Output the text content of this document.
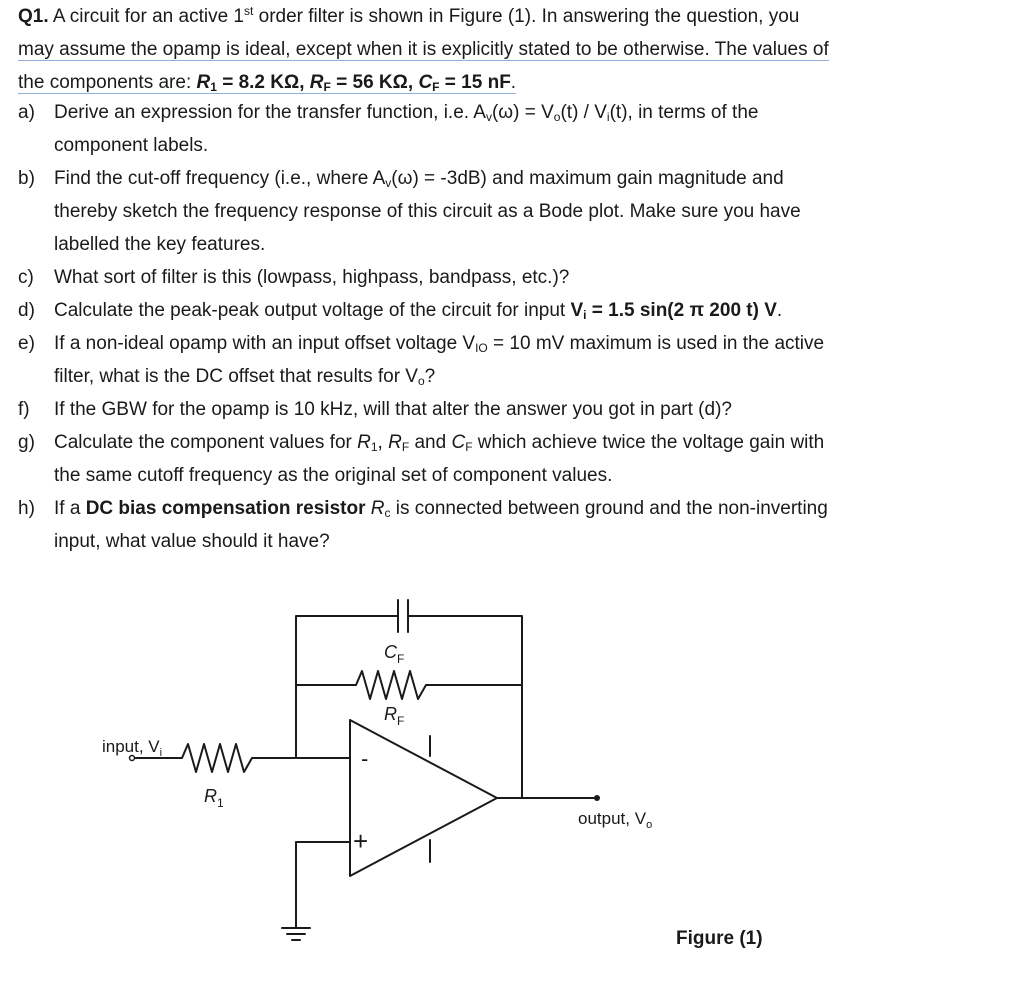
Q1. A circuit for an active 1st order filter is shown in Figure (1). In answering the question, you
may assume the opamp is ideal, except when it is explicitly stated to be otherwise. The values of
the components are: $R_1 = 8.2$ KΩ, $R_F = 56$ KΩ, $C_F = 15$ nF.
a) Derive an expression for the transfer function, i.e. $A_v(\omega) = V_o(t) / V_i(t)$, in terms of the
component labels.
b) Find the cut-off frequency (i.e., where $A_v(\omega) = -3dB$) and maximum gain magnitude and
thereby sketch the frequency response of this circuit as a Bode plot. Make sure you have
labelled the key features.
c) What sort of filter is this (lowpass, highpass, bandpass, etc.)?
d) Calculate the peak-peak output voltage of the circuit for input $V_i = 1.5$ sin(2 π 200 t) V.
e) If a non-ideal opamp with an input offset voltage $V_{IO} = 10$ mV maximum is used in the active
filter, what is the DC offset that results for $V_o$?
f) If the GBW for the opamp is 10 kHz, will that alter the answer you got in part (d)?
g) Calculate the component values for $R_1$, $R_F$ and $C_F$ which achieve twice the voltage gain with
the same cutoff frequency as the original set of component values.
h) If a DC bias compensation resistor $R_c$ is connected between ground and the non-inverting
input, what value should it have?
input, $V_i$
$R_1$
$C_F$
$R_F$
-
+
output, $V_o$
Figure (1)
